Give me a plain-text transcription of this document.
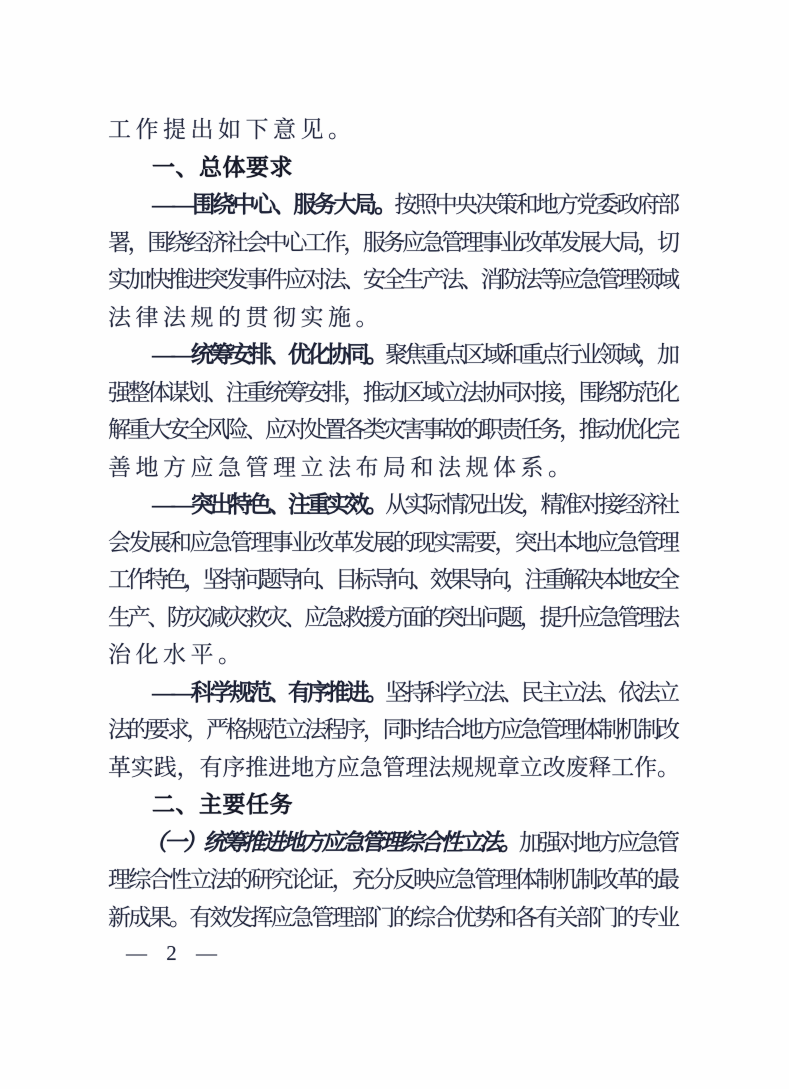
工作提出如下意见。
一、总体要求
——围绕中心、服务大局。按照中央决策和地方党委政府部
署，围绕经济社会中心工作，服务应急管理事业改革发展大局，切
实加快推进突发事件应对法、安全生产法、消防法等应急管理领域
法律法规的贯彻实施。
——统筹安排、优化协同。聚焦重点区域和重点行业领域，加
强整体谋划、注重统筹安排，推动区域立法协同对接，围绕防范化
解重大安全风险、应对处置各类灾害事故的职责任务，推动优化完
善地方应急管理立法布局和法规体系。
——突出特色、注重实效。从实际情况出发，精准对接经济社
会发展和应急管理事业改革发展的现实需要，突出本地应急管理
工作特色，坚持问题导向、目标导向、效果导向，注重解决本地安全
生产、防灾减灾救灾、应急救援方面的突出问题，提升应急管理法
治化水平。
——科学规范、有序推进。坚持科学立法、民主立法、依法立
法的要求，严格规范立法程序，同时结合地方应急管理体制机制改
革实践，有序推进地方应急管理法规规章立改废释工作。
二、主要任务
（一）统筹推进地方应急管理综合性立法。加强对地方应急管
理综合性立法的研究论证，充分反映应急管理体制机制改革的最
新成果。有效发挥应急管理部门的综合优势和各有关部门的专业
— 2 —
